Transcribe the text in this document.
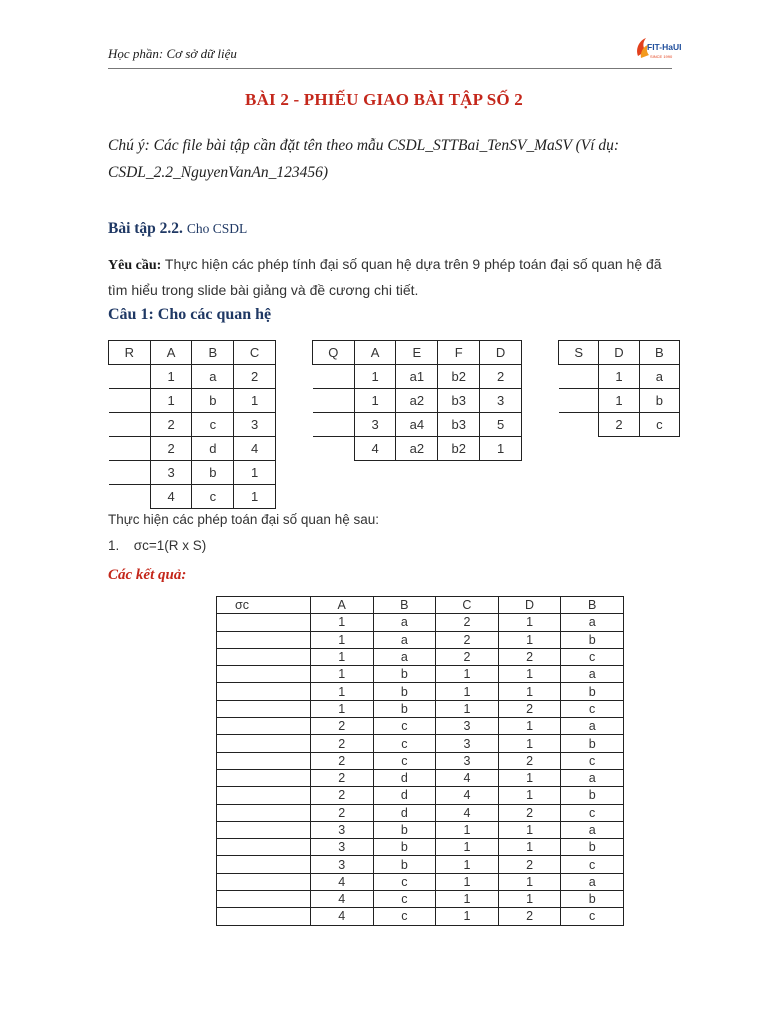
Học phần: Cơ sở dữ liệu	FIT-HaUI
SINCE 1990
BÀI 2 - PHIẾU GIAO BÀI TẬP SỐ 2
Chú ý: Các file bài tập cần đặt tên theo mẫu CSDL_STTBai_TenSV_MaSV (Ví dụ: CSDL_2.2_NguyenVanAn_123456)
Bài tập 2.2. Cho CSDL
Yêu cầu: Thực hiện các phép tính đại số quan hệ dựa trên 9 phép toán đại số quan hệ đã tìm hiểu trong slide bài giảng và đề cương chi tiết.
Câu 1: Cho các quan hệ
R	A	B	C
	1	a	2
	1	b	1
	2	c	3
	2	d	4
	3	b	1
	4	c	1
Q	A	E	F	D
	1	a1	b2	2
	1	a2	b3	3
	3	a4	b3	5
	4	a2	b2	1
S	D	B
	1	a
	1	b
	2	c
Thực hiện các phép toán đại số quan hệ sau:
1. σc=1(R x S)
Các kết quả:
σc	A	B	C	D	B
	1	a	2	1	a
	1	a	2	1	b
	1	a	2	2	c
	1	b	1	1	a
	1	b	1	1	b
	1	b	1	2	c
	2	c	3	1	a
	2	c	3	1	b
	2	c	3	2	c
	2	d	4	1	a
	2	d	4	1	b
	2	d	4	2	c
	3	b	1	1	a
	3	b	1	1	b
	3	b	1	2	c
	4	c	1	1	a
	4	c	1	1	b
	4	c	1	2	c
